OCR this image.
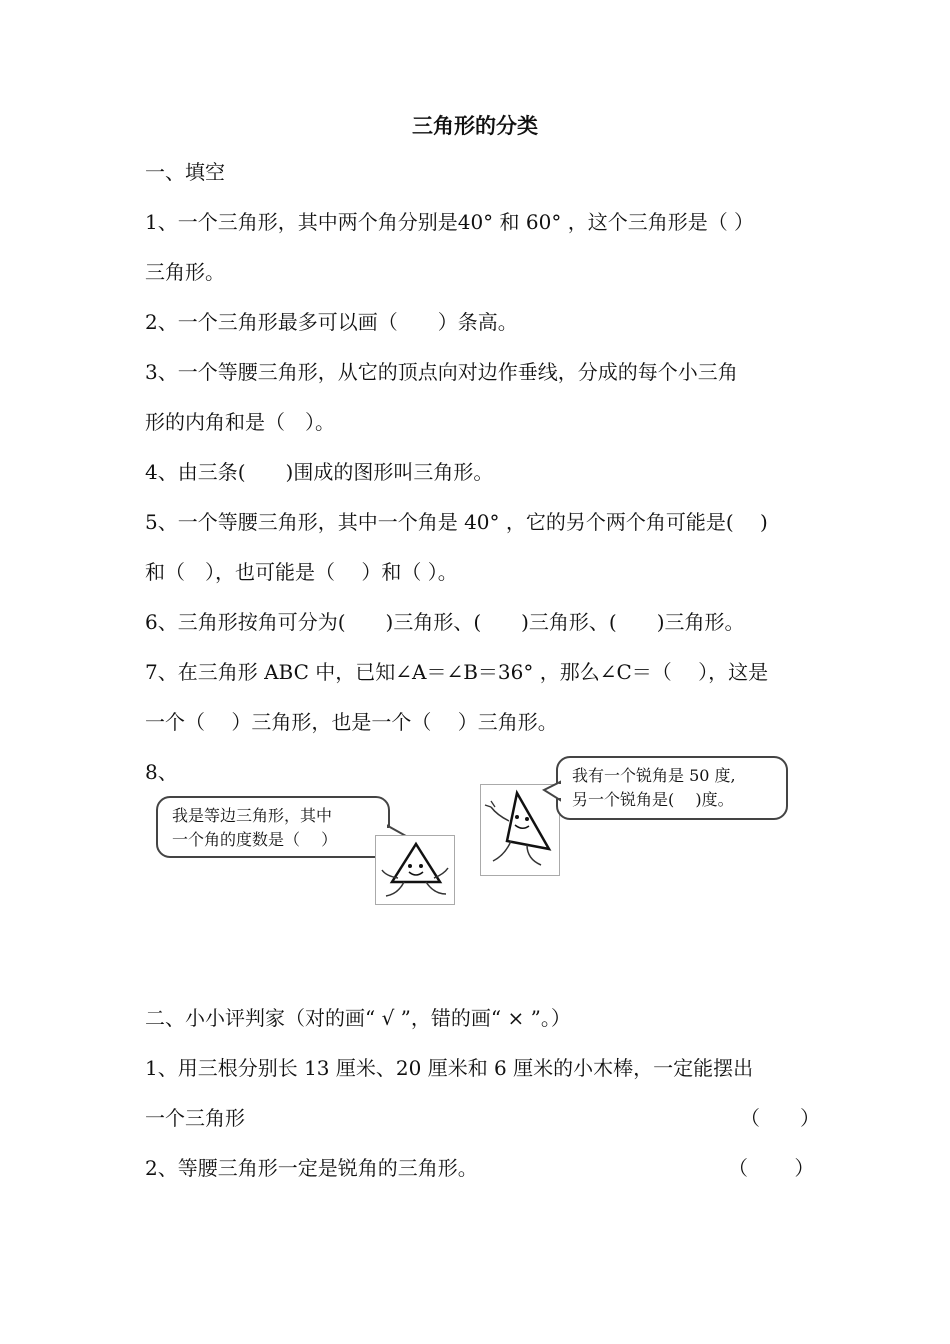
三角形的分类
一、填空
1、一个三角形，其中两个角分别是40° 和 60° ，这个三角形是（ ）
三角形。
2、一个三角形最多可以画（　　）条高。
3、一个等腰三角形，从它的顶点向对边作垂线，分成的每个小三角
形的内角和是（　）。
4、由三条(　　)围成的图形叫三角形。
5、一个等腰三角形，其中一个角是 40° ，它的另个两个角可能是(　 )
和（　），也可能是（　 ）和（ ）。
6、三角形按角可分为(　　)三角形、(　　)三角形、(　　)三角形。
7、在三角形 ABC 中，已知∠A＝∠B＝36° ，那么∠C＝（　 ），这是
一个（　 ）三角形，也是一个（　 ）三角形。
8、
我是等边三角形，其中
一个角的度数是（　 ）
我有一个锐角是 50 度,
另一个锐角是(　 )度。
二、小小评判家（对的画“ √ ”，错的画“ × ”。）
1、用三根分别长 13 厘米、20 厘米和 6 厘米的小木棒，一定能摆出
一个三角形	（　　）
2、等腰三角形一定是锐角的三角形。	（　　 ）
